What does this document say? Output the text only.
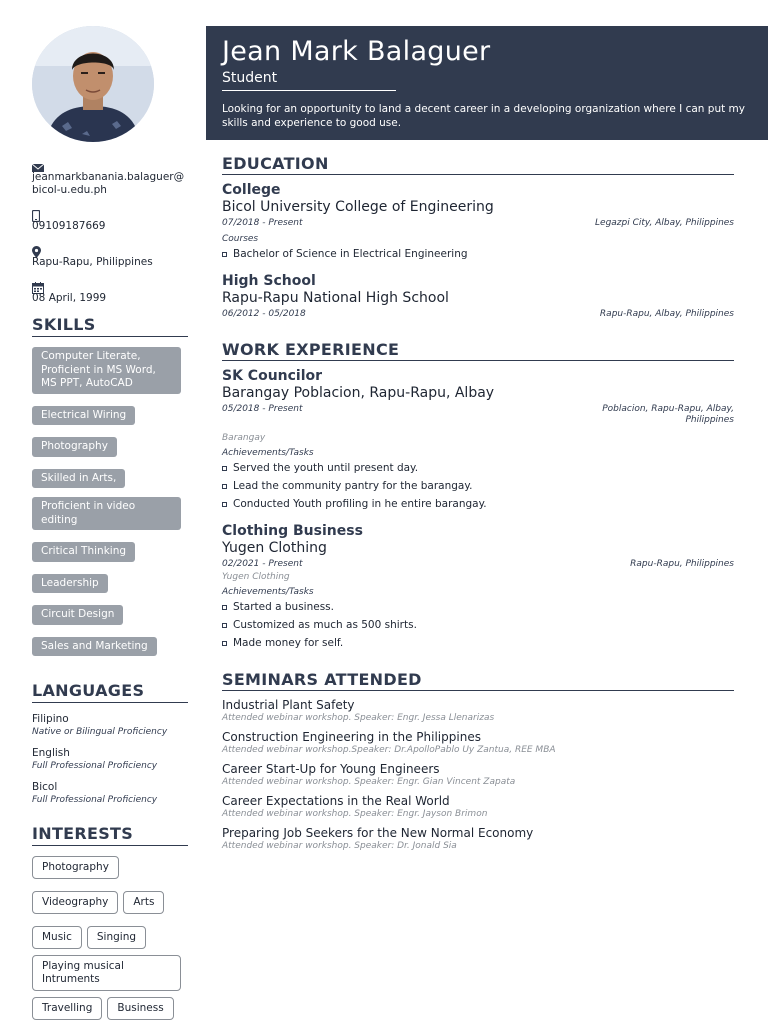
jeanmarkbanania.balaguer@bicol-u.edu.ph
09109187669
Rapu-Rapu, Philippines
08 April, 1999
SKILLS
Computer Literate, Proficient in MS Word, MS PPT, AutoCAD
Electrical Wiring
Photography
Skilled in Arts,
Proficient in video editing
Critical Thinking
Leadership
Circuit Design
Sales and Marketing
LANGUAGES
Filipino
Native or Bilingual Proficiency
English
Full Professional Proficiency
Bicol
Full Professional Proficiency
INTERESTS
Photography
Videography	Arts
Music	Singing
Playing musical Intruments
Travelling	Business
Jean Mark Balaguer
Student
Looking for an opportunity to land a decent career in a developing organization where I can put my skills and experience to good use.
EDUCATION
College
Bicol University College of Engineering
07/2018 - Present	Legazpi City, Albay, Philippines
Courses
Bachelor of Science in Electrical Engineering
High School
Rapu-Rapu National High School
06/2012 - 05/2018	Rapu-Rapu, Albay, Philippines
WORK EXPERIENCE
SK Councilor
Barangay Poblacion, Rapu-Rapu, Albay
05/2018 - Present	Poblacion, Rapu-Rapu, Albay, Philippines
Barangay
Achievements/Tasks
Served the youth until present day.
Lead the community pantry for the barangay.
Conducted Youth profiling in he entire barangay.
Clothing Business
Yugen Clothing
02/2021 - Present	Rapu-Rapu, Philippines
Yugen Clothing
Achievements/Tasks
Started a business.
Customized as much as 500 shirts.
Made money for self.
SEMINARS ATTENDED
Industrial Plant Safety
Attended webinar workshop. Speaker: Engr. Jessa Llenarizas
Construction Engineering in the Philippines
Attended webinar workshop.Speaker: Dr.ApolloPablo Uy Zantua, REE MBA
Career Start-Up for Young Engineers
Attended webinar workshop. Speaker: Engr. Gian Vincent Zapata
Career Expectations in the Real World
Attended webinar workshop. Speaker: Engr. Jayson Brimon
Preparing Job Seekers for the New Normal Economy
Attended webinar workshop. Speaker: Dr. Jonald Sia
